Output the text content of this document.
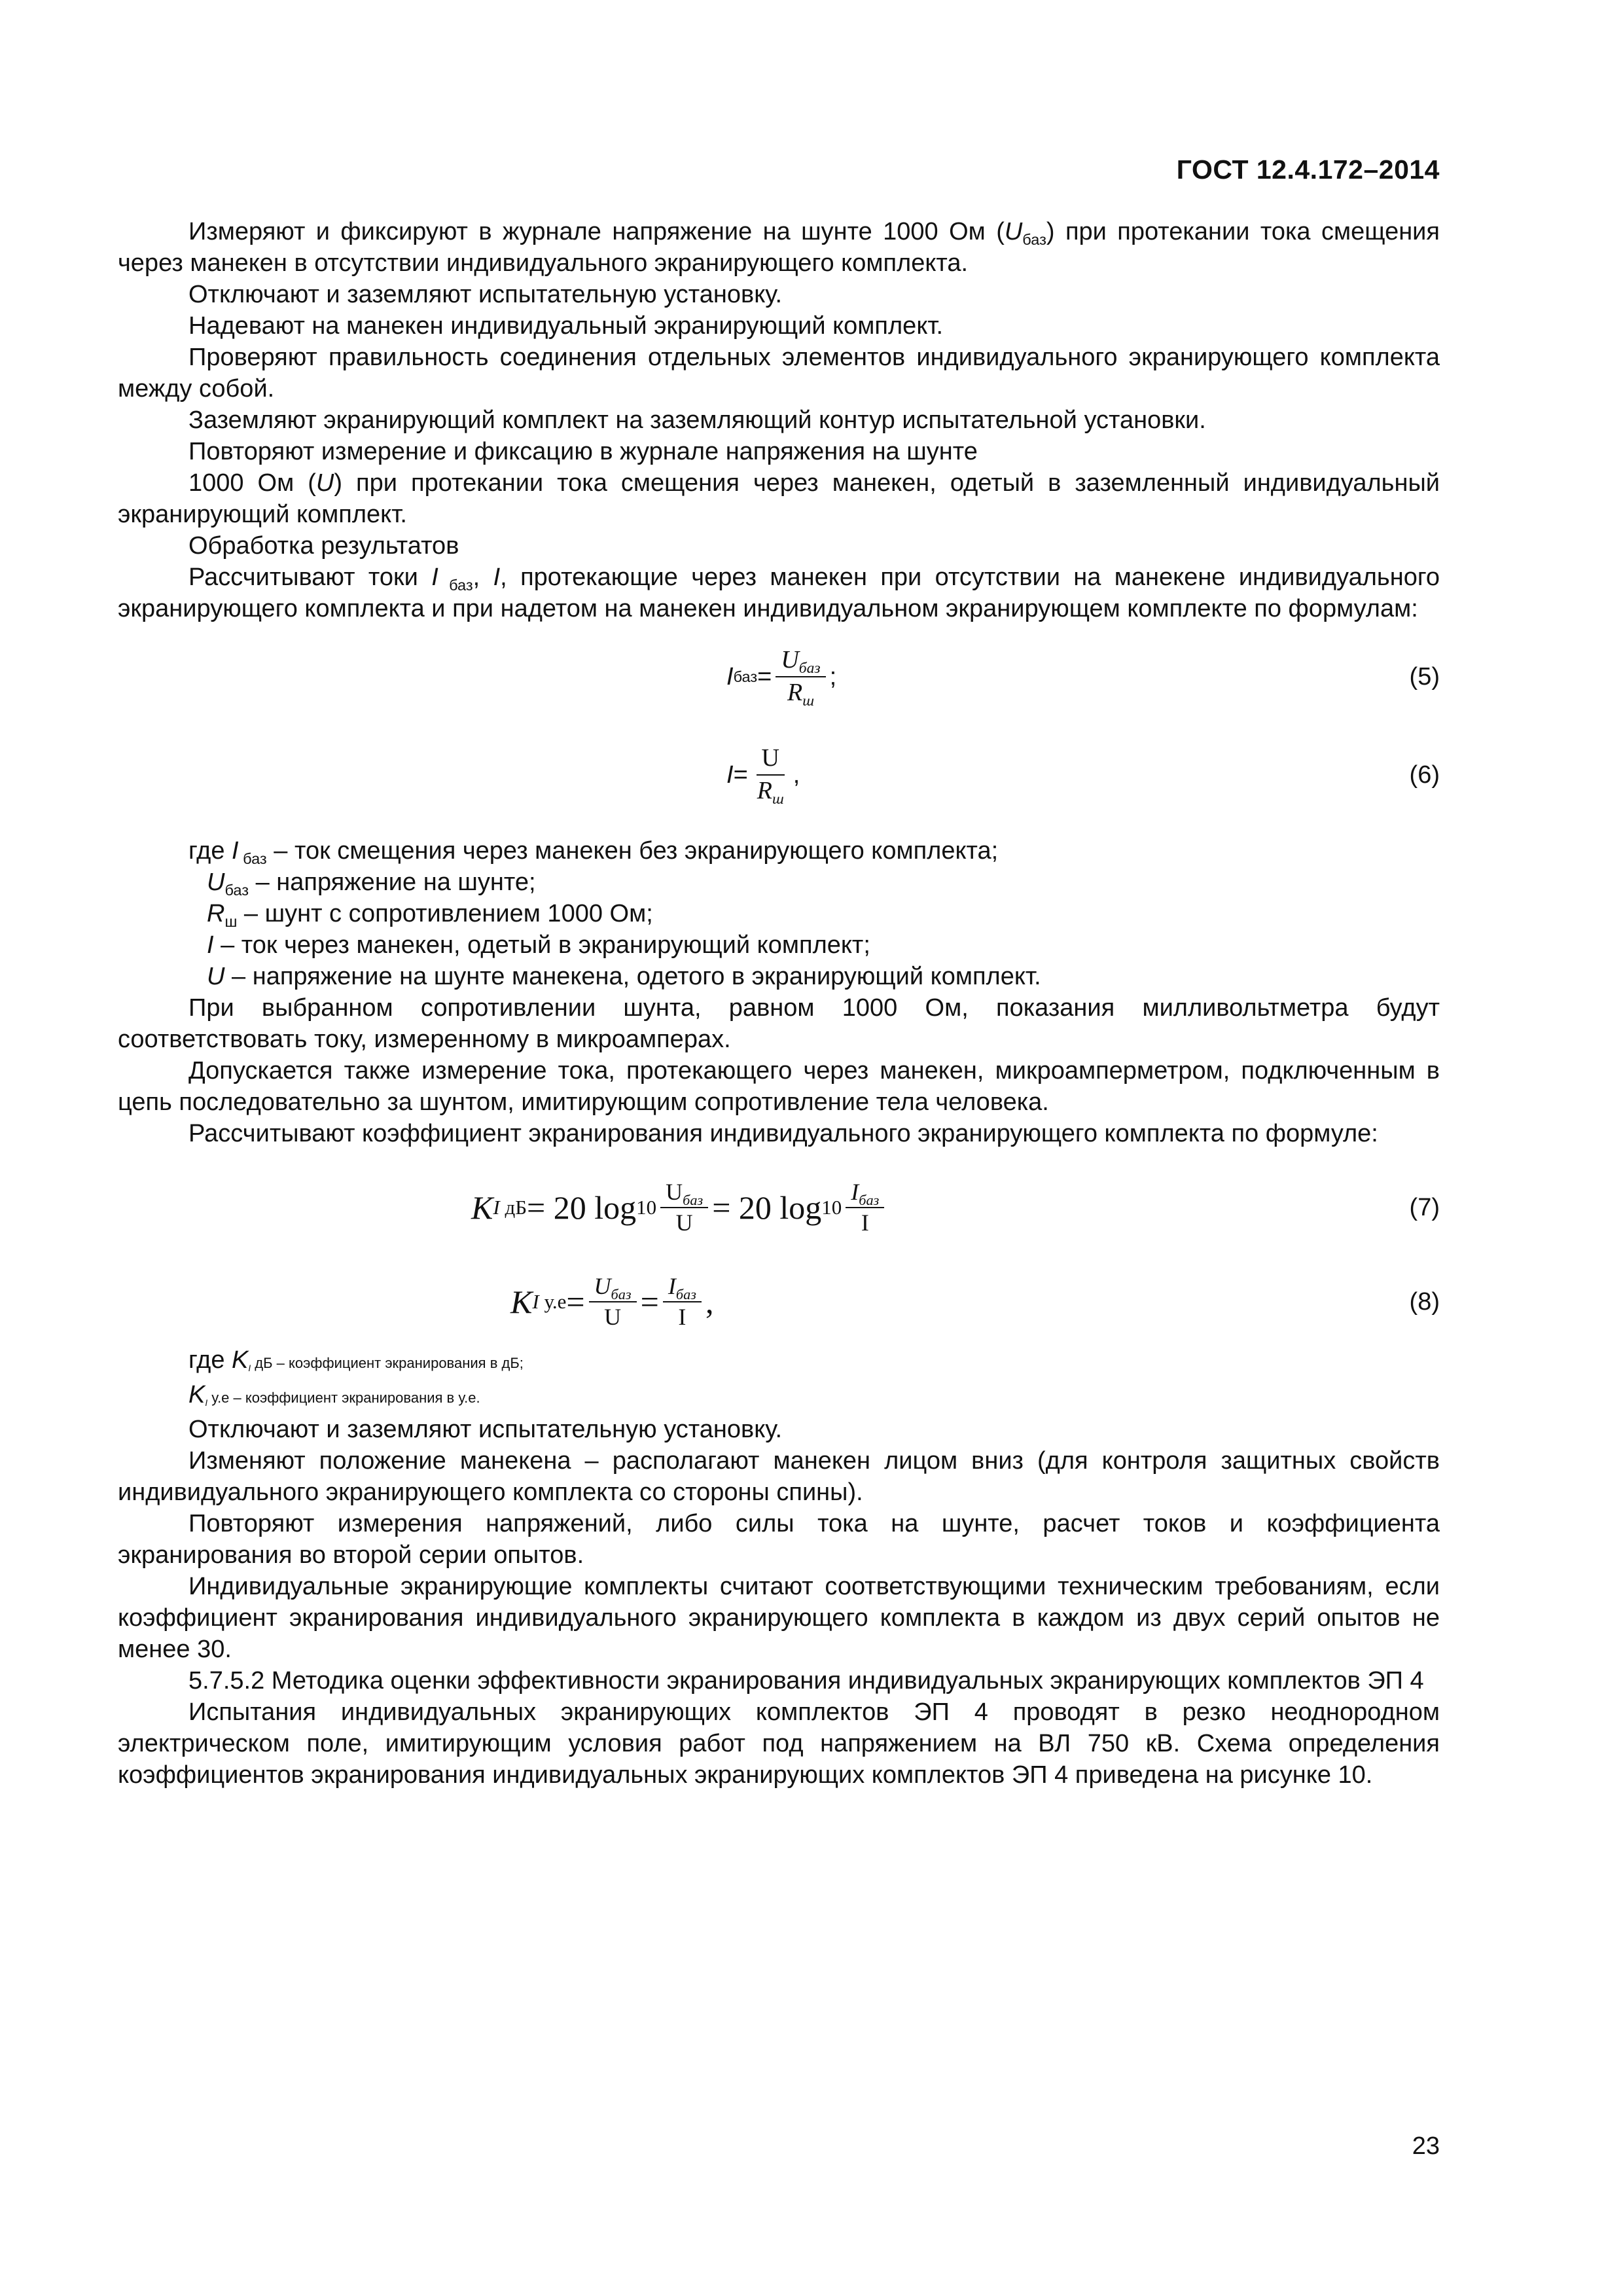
ГОСТ 12.4.172–2014

Измеряют и фиксируют в журнале напряжение на шунте 1000 Ом $(U_{баз})$ при протекании тока смещения через манекен в отсутствии индивидуального экранирующего комплекта.

Отключают и заземляют испытательную установку.

Надевают на манекен индивидуальный экранирующий комплект.

Проверяют правильность соединения отдельных элементов индивидуального экранирующего комплекта между собой.

Заземляют экранирующий комплект на заземляющий контур испытательной установки.

Повторяют измерение и фиксацию в журнале напряжения на шунте

1000 Ом (U) при протекании тока смещения через манекен, одетый в заземленный индивидуальный экранирующий комплект.

Обработка результатов

Рассчитывают токи I $_{баз}$, I, протекающие через манекен при отсутствии на манекене индивидуального экранирующего комплекта и при надетом на манекен индивидуальном экранирующем комплекте по формулам:

I баз = $\frac{U_{баз}}{R_ш}$ ;	(5)
$I = \frac{U}{R_ш}$ ,	(6)

где I $_{баз}$ – ток смещения через манекен без экранирующего комплекта;

$U_{баз}$ – напряжение на шунте;

$R_ш$ – шунт с сопротивлением 1000 Ом;

I – ток через манекен, одетый в экранирующий комплект;

U – напряжение на шунте манекена, одетого в экранирующий комплект.

При выбранном сопротивлении шунта, равном 1000 Ом, показания милливольтметра будут соответствовать току, измеренному в микроамперах.

Допускается также измерение тока, протекающего через манекен, микроамперметром, подключенным в цепь последовательно за шунтом, имитирующим сопротивление тела человека.

Рассчитывают коэффициент экранирования индивидуального экранирующего комплекта по формуле:

K I дБ = 20 $\log 10 \frac{U_{баз}}{U} = 20$ $\log 10 \frac{I_{баз}}{I}$	(7)
K I $у.е = \frac{U_{баз}}{U} = \frac{I_{баз}}{I}$ ,	(8)

где $K_I$ дБ – коэффициент экранирования в дБ;

$K_I$ у.е – коэффициент экранирования в у.е.

Отключают и заземляют испытательную установку.

Изменяют положение манекена – располагают манекен лицом вниз (для контроля защитных свойств индивидуального экранирующего комплекта со стороны спины).

Повторяют измерения напряжений, либо силы тока на шунте, расчет токов и коэффициента экранирования во второй серии опытов.

Индивидуальные экранирующие комплекты считают соответствующими техническим требованиям, если коэффициент экранирования индивидуального экранирующего комплекта в каждом из двух серий опытов не менее 30.

5.7.5.2 Методика оценки эффективности экранирования индивидуальных экранирующих комплектов ЭП 4

Испытания индивидуальных экранирующих комплектов ЭП 4 проводят в резко неоднородном электрическом поле, имитирующим условия работ под напряжением на ВЛ 750 кВ. Схема определения коэффициентов экранирования индивидуальных экранирующих комплектов ЭП 4 приведена на рисунке 10.

23
